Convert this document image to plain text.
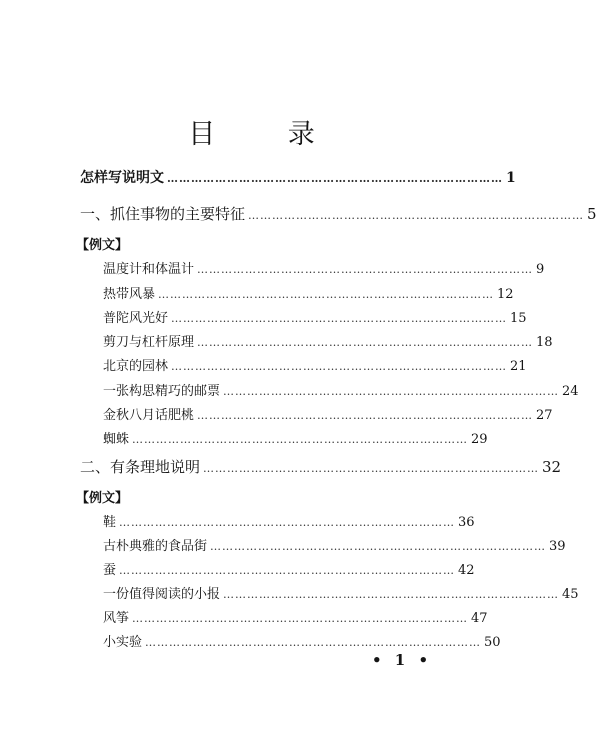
目 录
怎样写说明文 ………………………………………………………………………… 1
一、抓住事物的主要特征 ………………………………………………………………………… 5
【例文】
温度计和体温计 ………………………………………………………………………… 9
热带风暴 ………………………………………………………………………… 12
普陀风光好 ………………………………………………………………………… 15
剪刀与杠杆原理 ………………………………………………………………………… 18
北京的园林 ………………………………………………………………………… 21
一张构思精巧的邮票 ………………………………………………………………………… 24
金秋八月话肥桃 ………………………………………………………………………… 27
蜘蛛 ………………………………………………………………………… 29
二、有条理地说明 ………………………………………………………………………… 32
【例文】
鞋 ………………………………………………………………………… 36
古朴典雅的食品街 ………………………………………………………………………… 39
蚕 ………………………………………………………………………… 42
一份值得阅读的小报 ………………………………………………………………………… 45
风筝 ………………………………………………………………………… 47
小实验 ………………………………………………………………………… 50
• 1 •
